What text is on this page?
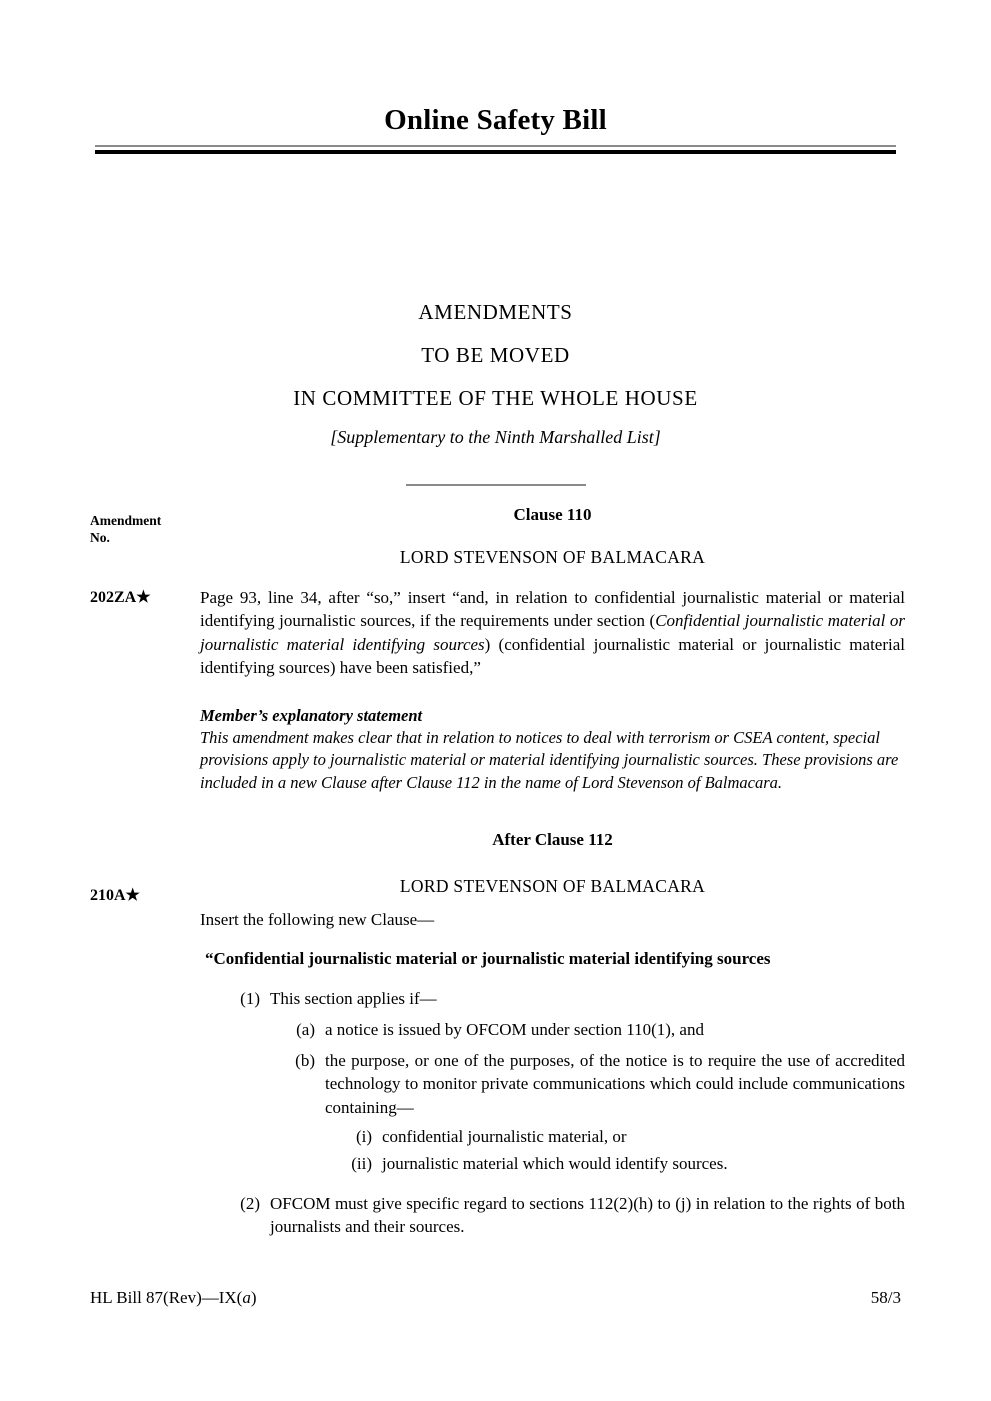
Online Safety Bill
AMENDMENTS
TO BE MOVED
IN COMMITTEE OF THE WHOLE HOUSE
[Supplementary to the Ninth Marshalled List]
Amendment
No.
Clause 110
LORD STEVENSON OF BALMACARA
202ZA★	Page 93, line 34, after “so,” insert “and, in relation to confidential journalistic material or material identifying journalistic sources, if the requirements under section (Confidential journalistic material or journalistic material identifying sources) (confidential journalistic material or journalistic material identifying sources) have been satisfied,”
Member’s explanatory statement
This amendment makes clear that in relation to notices to deal with terrorism or CSEA content, special provisions apply to journalistic material or material identifying journalistic sources. These provisions are included in a new Clause after Clause 112 in the name of Lord Stevenson of Balmacara.
After Clause 112
210A★	LORD STEVENSON OF BALMACARA
Insert the following new Clause—
“Confidential journalistic material or journalistic material identifying sources
(1) This section applies if—
(a) a notice is issued by OFCOM under section 110(1), and
(b) the purpose, or one of the purposes, of the notice is to require the use of accredited technology to monitor private communications which could include communications containing—
(i) confidential journalistic material, or
(ii) journalistic material which would identify sources.
(2) OFCOM must give specific regard to sections 112(2)(h) to (j) in relation to the rights of both journalists and their sources.
HL Bill 87(Rev)—IX(a)	58/3
